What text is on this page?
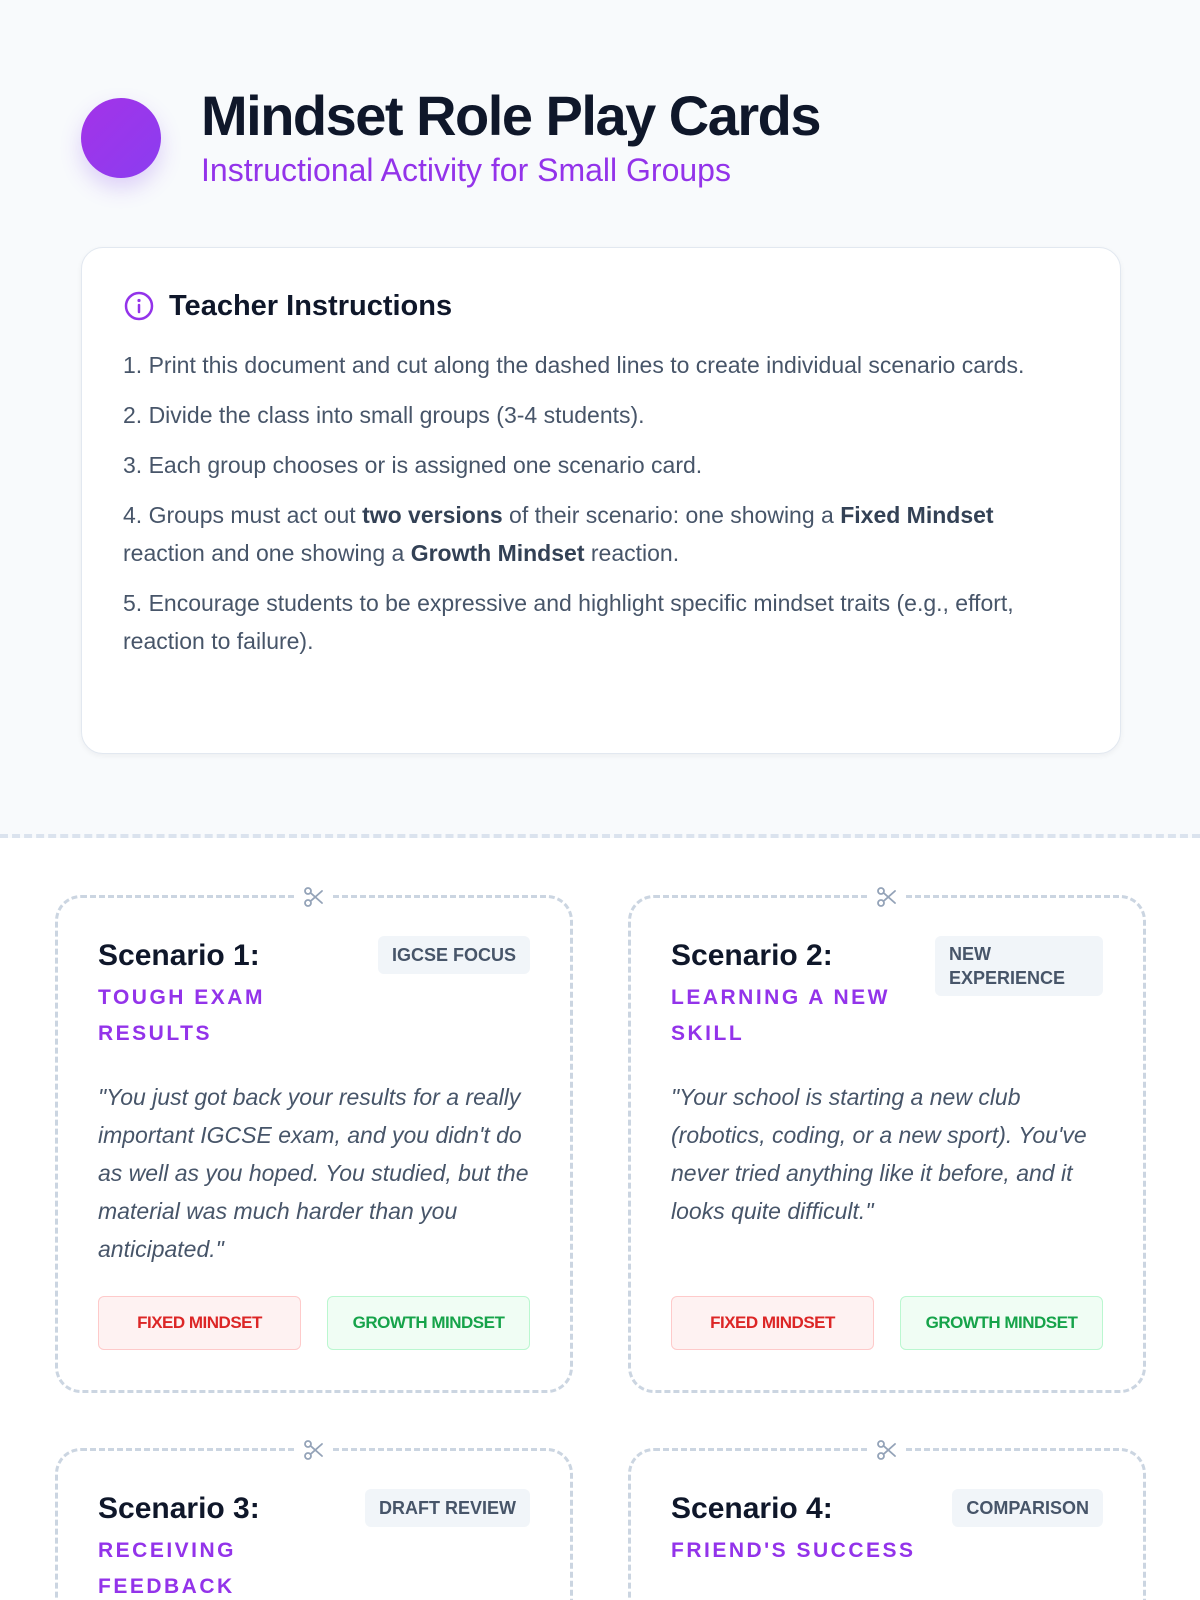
Mindset Role Play Cards
Instructional Activity for Small Groups
Teacher Instructions
1. Print this document and cut along the dashed lines to create individual scenario cards.
2. Divide the class into small groups (3-4 students).
3. Each group chooses or is assigned one scenario card.
4. Groups must act out two versions of their scenario: one showing a Fixed Mindset reaction and one showing a Growth Mindset reaction.
5. Encourage students to be expressive and highlight specific mindset traits (e.g., effort, reaction to failure).
Scenario 1:
TOUGH EXAM RESULTS
IGCSE FOCUS

"You just got back your results for a really important IGCSE exam, and you didn't do as well as you hoped. You studied, but the material was much harder than you anticipated."

FIXED MINDSET	GROWTH MINDSET
Scenario 2:
LEARNING A NEW SKILL
NEW EXPERIENCE

"Your school is starting a new club (robotics, coding, or a new sport). You've never tried anything like it before, and it looks quite difficult."

FIXED MINDSET	GROWTH MINDSET
Scenario 3:
RECEIVING FEEDBACK
DRAFT REVIEW	Scenario 4:
FRIEND'S SUCCESS
COMPARISON
